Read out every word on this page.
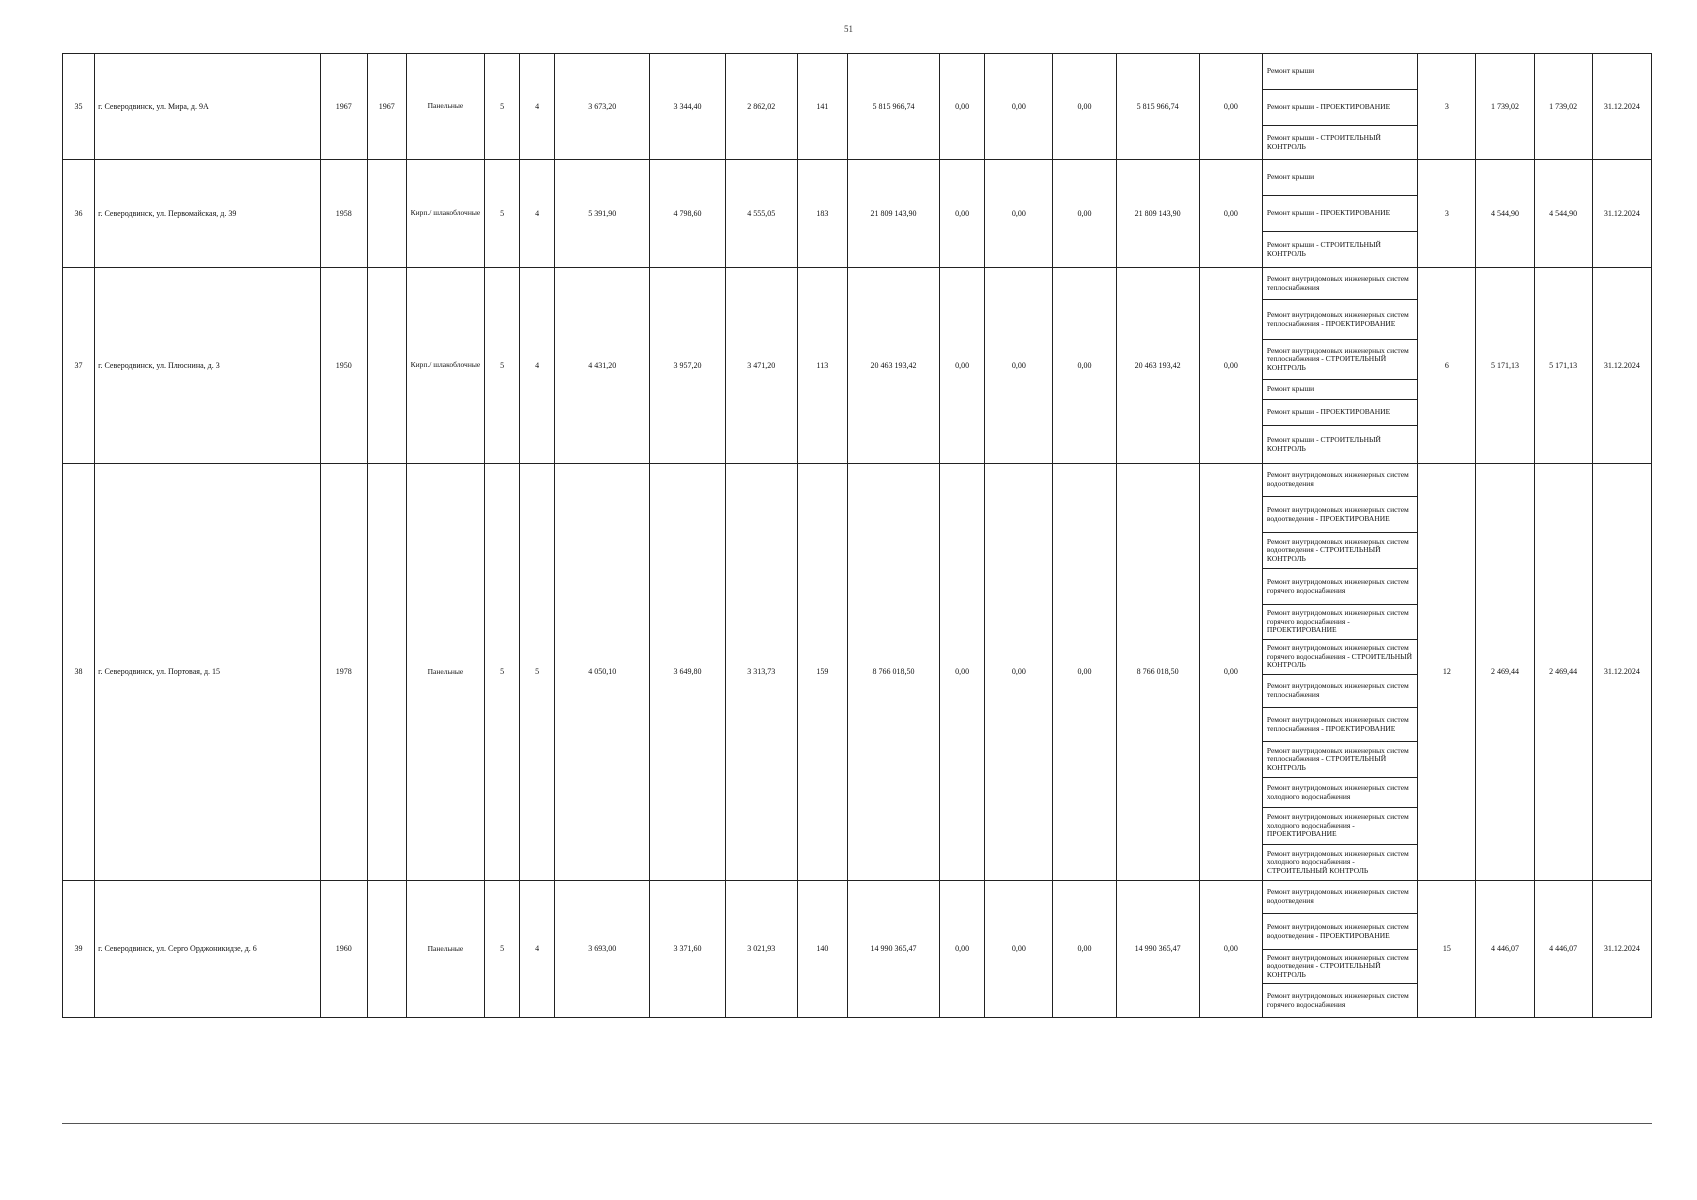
51
35	г. Северодвинск, ул. Мира, д. 9А	1967	1967	Панельные	5	4	3 673,20	3 344,40	2 862,02	141	5 815 966,74	0,00	0,00	0,00	5 815 966,74	0,00	Ремонт крыши	3	1 739,02	1 739,02	31.12.2024
																	Ремонт крыши - ПРОЕКТИРОВАНИЕ				
																	Ремонт крыши - СТРОИТЕЛЬНЫЙ КОНТРОЛЬ				
36	г. Северодвинск, ул. Первомайская, д. 39	1958		Кирп./ шлакоблочные	5	4	5 391,90	4 798,60	4 555,05	183	21 809 143,90	0,00	0,00	0,00	21 809 143,90	0,00	Ремонт крыши	3	4 544,90	4 544,90	31.12.2024
																	Ремонт крыши - ПРОЕКТИРОВАНИЕ				
																	Ремонт крыши - СТРОИТЕЛЬНЫЙ КОНТРОЛЬ				
37	г. Северодвинск, ул. Плюснина, д. 3	1950		Кирп./ шлакоблочные	5	4	4 431,20	3 957,20	3 471,20	113	20 463 193,42	0,00	0,00	0,00	20 463 193,42	0,00	Ремонт внутридомовых инженерных систем теплоснабжения	6	5 171,13	5 171,13	31.12.2024
																	Ремонт внутридомовых инженерных систем теплоснабжения - ПРОЕКТИРОВАНИЕ				
																	Ремонт внутридомовых инженерных систем теплоснабжения - СТРОИТЕЛЬНЫЙ КОНТРОЛЬ				
																	Ремонт крыши				
																	Ремонт крыши - ПРОЕКТИРОВАНИЕ				
																	Ремонт крыши - СТРОИТЕЛЬНЫЙ КОНТРОЛЬ				
38	г. Северодвинск, ул. Портовая, д. 15	1978		Панельные	5	5	4 050,10	3 649,80	3 313,73	159	8 766 018,50	0,00	0,00	0,00	8 766 018,50	0,00	Ремонт внутридомовых инженерных систем водоотведения	12	2 469,44	2 469,44	31.12.2024
																	Ремонт внутридомовых инженерных систем водоотведения - ПРОЕКТИРОВАНИЕ				
																	Ремонт внутридомовых инженерных систем водоотведения - СТРОИТЕЛЬНЫЙ КОНТРОЛЬ				
																	Ремонт внутридомовых инженерных систем горячего водоснабжения				
																	Ремонт внутридомовых инженерных систем горячего водоснабжения - ПРОЕКТИРОВАНИЕ				
																	Ремонт внутридомовых инженерных систем горячего водоснабжения - СТРОИТЕЛЬНЫЙ КОНТРОЛЬ				
																	Ремонт внутридомовых инженерных систем теплоснабжения				
																	Ремонт внутридомовых инженерных систем теплоснабжения - ПРОЕКТИРОВАНИЕ				
																	Ремонт внутридомовых инженерных систем теплоснабжения - СТРОИТЕЛЬНЫЙ КОНТРОЛЬ				
																	Ремонт внутридомовых инженерных систем холодного водоснабжения				
																	Ремонт внутридомовых инженерных систем холодного водоснабжения - ПРОЕКТИРОВАНИЕ				
																	Ремонт внутридомовых инженерных систем холодного водоснабжения - СТРОИТЕЛЬНЫЙ КОНТРОЛЬ				
39	г. Северодвинск, ул. Серго Орджоникидзе, д. 6	1960		Панельные	5	4	3 693,00	3 371,60	3 021,93	140	14 990 365,47	0,00	0,00	0,00	14 990 365,47	0,00	Ремонт внутридомовых инженерных систем водоотведения	15	4 446,07	4 446,07	31.12.2024
																	Ремонт внутридомовых инженерных систем водоотведения - ПРОЕКТИРОВАНИЕ				
																	Ремонт внутридомовых инженерных систем водоотведения - СТРОИТЕЛЬНЫЙ КОНТРОЛЬ				
																	Ремонт внутридомовых инженерных систем горячего водоснабжения				
